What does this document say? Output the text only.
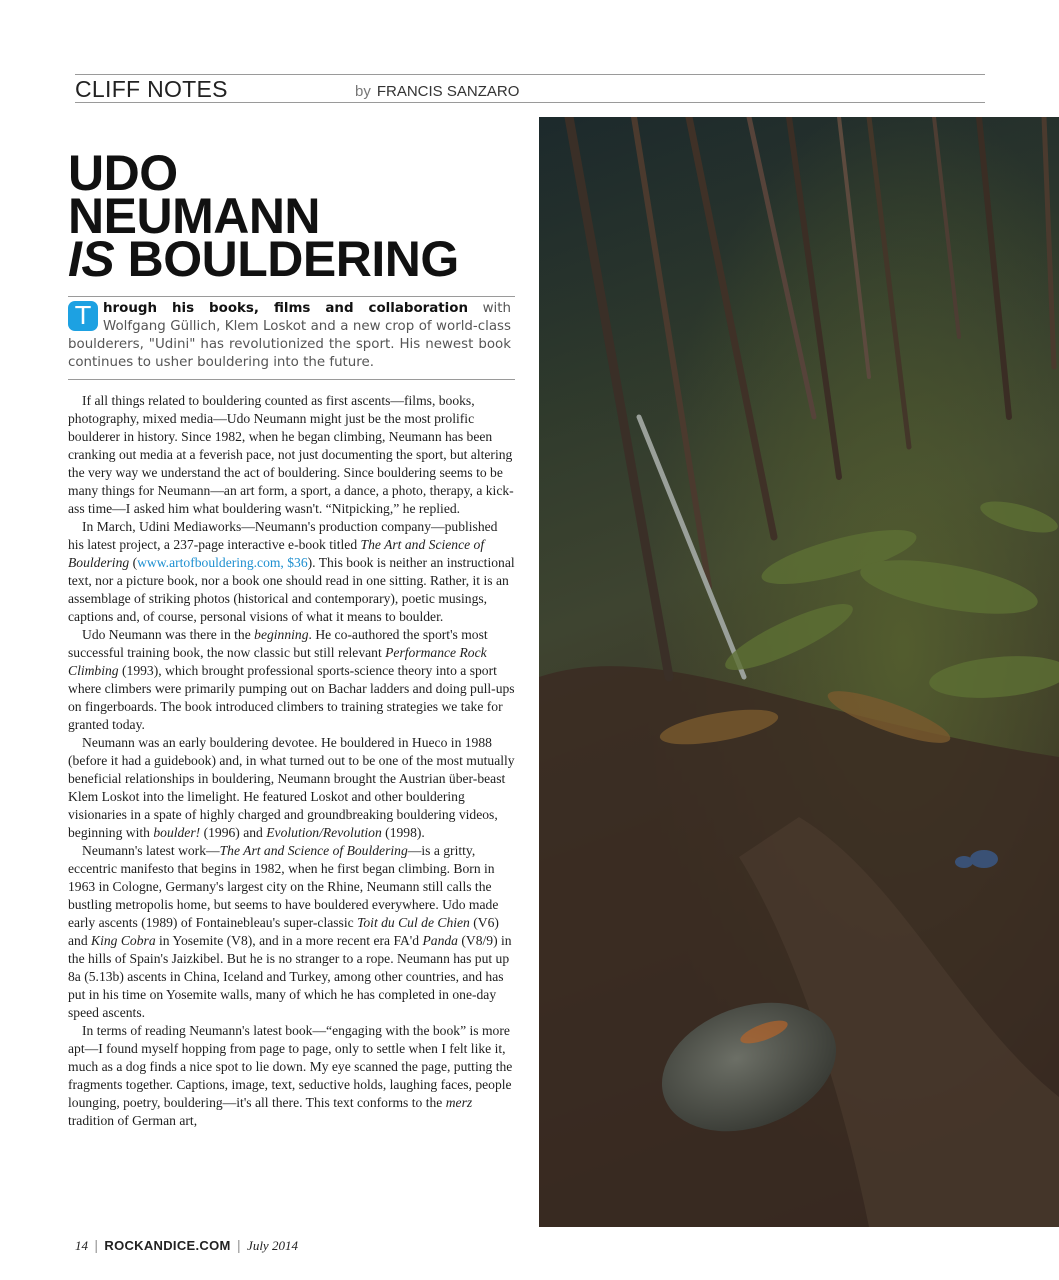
CLIFF NOTES	by FRANCIS SANZARO
UDO
NEUMANN
IS BOULDERING
T hrough his books, films and collaboration with Wolfgang Güllich, Klem Loskot and a new crop of world-class boulderers, "Udini" has revolutionized the sport. His newest book continues to usher bouldering into the future.

If all things related to bouldering counted as first ascents—films, books, photography, mixed media—Udo Neumann might just be the most prolific boulderer in history. Since 1982, when he began climbing, Neumann has been cranking out media at a feverish pace, not just documenting the sport, but altering the very way we understand the act of bouldering. Since bouldering seems to be many things for Neumann—an art form, a sport, a dance, a photo, therapy, a kick-ass time—I asked him what bouldering wasn't. “Nitpicking,” he replied.

In March, Udini Mediaworks—Neumann's production company—published his latest project, a 237-page interactive e-book titled The Art and Science of Bouldering (www.artofbouldering.com, $36). This book is neither an instructional text, nor a picture book, nor a book one should read in one sitting. Rather, it is an assemblage of striking photos (historical and contemporary), poetic musings, captions and, of course, personal visions of what it means to boulder.

Udo Neumann was there in the beginning. He co-authored the sport's most successful training book, the now classic but still relevant Performance Rock Climbing (1993), which brought professional sports-science theory into a sport where climbers were primarily pumping out on Bachar ladders and doing pull-ups on fingerboards. The book introduced climbers to training strategies we take for granted today.

Neumann was an early bouldering devotee. He bouldered in Hueco in 1988 (before it had a guidebook) and, in what turned out to be one of the most mutually beneficial relationships in bouldering, Neumann brought the Austrian über-beast Klem Loskot into the limelight. He featured Loskot and other bouldering visionaries in a spate of highly charged and groundbreaking bouldering videos, beginning with boulder! (1996) and Evolution/Revolution (1998).

Neumann's latest work—The Art and Science of Bouldering—is a gritty, eccentric manifesto that begins in 1982, when he first began climbing. Born in 1963 in Cologne, Germany's largest city on the Rhine, Neumann still calls the bustling metropolis home, but seems to have bouldered everywhere. Udo made early ascents (1989) of Fontainebleau's super-classic Toit du Cul de Chien (V6) and King Cobra in Yosemite (V8), and in a more recent era FA'd Panda (V8/9) in the hills of Spain's Jaizkibel. But he is no stranger to a rope. Neumann has put up 8a (5.13b) ascents in China, Iceland and Turkey, among other countries, and has put in his time on Yosemite walls, many of which he has completed in one-day speed ascents.

In terms of reading Neumann's latest book—“engaging with the book” is more apt—I found myself hopping from page to page, only to settle when I felt like it, much as a dog finds a nice spot to lie down. My eye scanned the page, putting the fragments together. Captions, image, text, seductive holds, laughing faces, people lounging, poetry, bouldering—it's all there. This text conforms to the merz tradition of German art,

14 | ROCKANDICE.COM | July 2014
